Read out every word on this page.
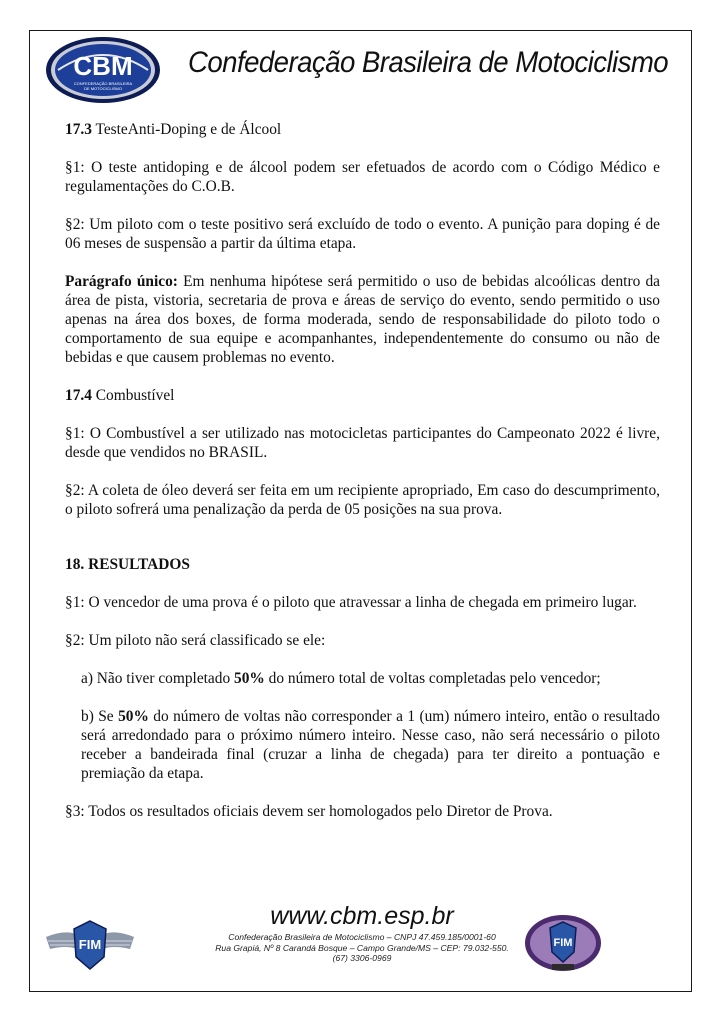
CBM
CONFEDERAÇÃO BRASILEIRA
DE MOTOCICLISMO
Confederação Brasileira de Motociclismo

17.3 TesteAnti-Doping e de Álcool

§1: O teste antidoping e de álcool podem ser efetuados de acordo com o Código Médico e regulamentações do C.O.B.

§2: Um piloto com o teste positivo será excluído de todo o evento. A punição para doping é de 06 meses de suspensão a partir da última etapa.

Parágrafo único: Em nenhuma hipótese será permitido o uso de bebidas alcoólicas dentro da área de pista, vistoria, secretaria de prova e áreas de serviço do evento, sendo permitido o uso apenas na área dos boxes, de forma moderada, sendo de responsabilidade do piloto todo o comportamento de sua equipe e acompanhantes, independentemente do consumo ou não de bebidas e que causem problemas no evento.

17.4 Combustível

§1: O Combustível a ser utilizado nas motocicletas participantes do Campeonato 2022 é livre, desde que vendidos no BRASIL.

§2: A coleta de óleo deverá ser feita em um recipiente apropriado, Em caso do descumprimento, o piloto sofrerá uma penalização da perda de 05 posições na sua prova.

18. RESULTADOS

§1: O vencedor de uma prova é o piloto que atravessar a linha de chegada em primeiro lugar.

§2: Um piloto não será classificado se ele:

a) Não tiver completado 50% do número total de voltas completadas pelo vencedor;

b) Se 50% do número de voltas não corresponder a 1 (um) número inteiro, então o resultado será arredondado para o próximo número inteiro. Nesse caso, não será necessário o piloto receber a bandeirada final (cruzar a linha de chegada) para ter direito a pontuação e premiação da etapa.

§3: Todos os resultados oficiais devem ser homologados pelo Diretor de Prova.

FIM
www.cbm.esp.br
Confederação Brasileira de Motociclismo – CNPJ 47.459.185/0001-60
Rua Grapiá, Nº 8 Carandá Bosque – Campo Grande/MS – CEP: 79.032-550.
(67) 3306-0969
FIM
